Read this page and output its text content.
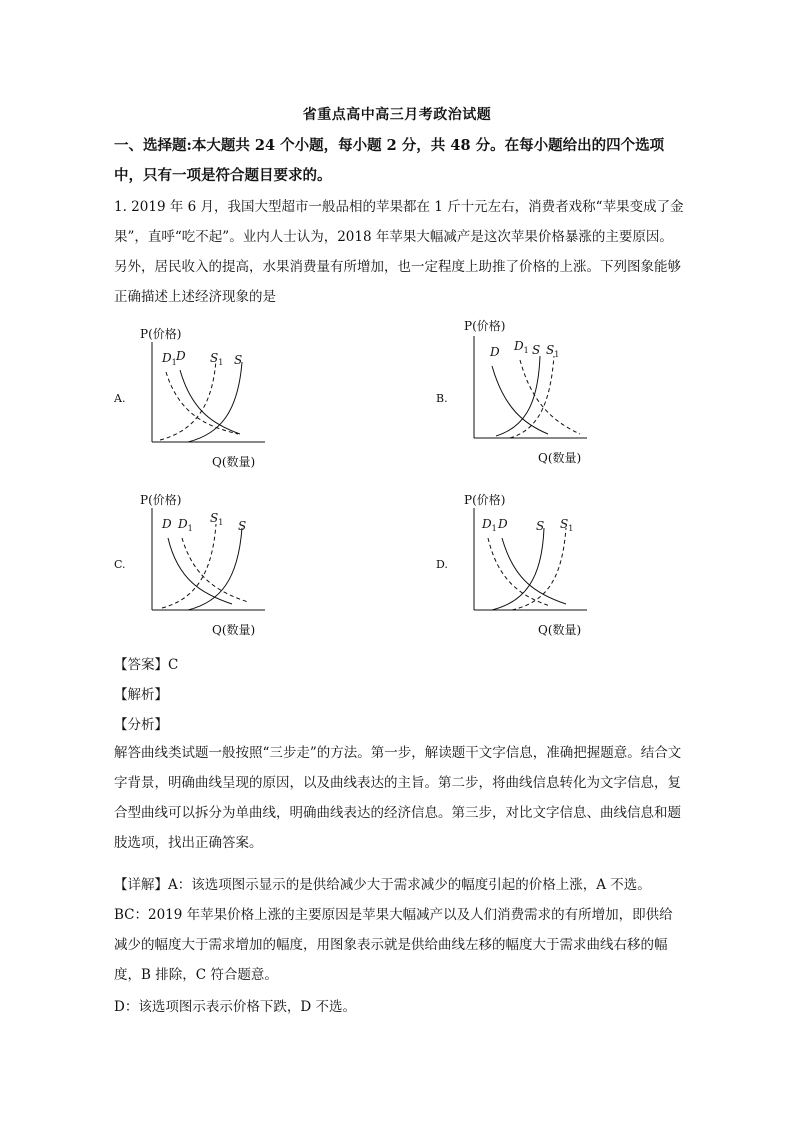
省重点高中高三月考政治试题
一、选择题:本大题共 24 个小题，每小题 2 分，共 48 分。在每小题给出的四个选项中，只有一项是符合题目要求的。
1. 2019 年 6 月，我国大型超市一般品相的苹果都在 1 斤十元左右，消费者戏称“苹果变成了金果”，直呼“吃不起”。业内人士认为，2018 年苹果大幅减产是这次苹果价格暴涨的主要原因。另外，居民收入的提高，水果消费量有所增加，也一定程度上助推了价格的上涨。下列图象能够正确描述上述经济现象的是
A.
P(价格)
Q(数量)
$D_1$ D $S_1$ S
B.
P(价格)
Q(数量)
D $D_1$ S $S_1$
C.
P(价格)
Q(数量)
D $D_1$
$S_1$ S
D.
P(价格)
Q(数量)
$D_1$ D S $S_1$
【答案】C
【解析】
【分析】
解答曲线类试题一般按照“三步走”的方法。第一步，解读题干文字信息，准确把握题意。结合文字背景，明确曲线呈现的原因，以及曲线表达的主旨。第二步，将曲线信息转化为文字信息，复合型曲线可以拆分为单曲线，明确曲线表达的经济信息。第三步，对比文字信息、曲线信息和题肢选项，找出正确答案。
【详解】A：该选项图示显示的是供给减少大于需求减少的幅度引起的价格上涨，A 不选。
BC：2019 年苹果价格上涨的主要原因是苹果大幅减产以及人们消费需求的有所增加，即供给减少的幅度大于需求增加的幅度，用图象表示就是供给曲线左移的幅度大于需求曲线右移的幅度，B 排除，C 符合题意。
D：该选项图示表示价格下跌，D 不选。
